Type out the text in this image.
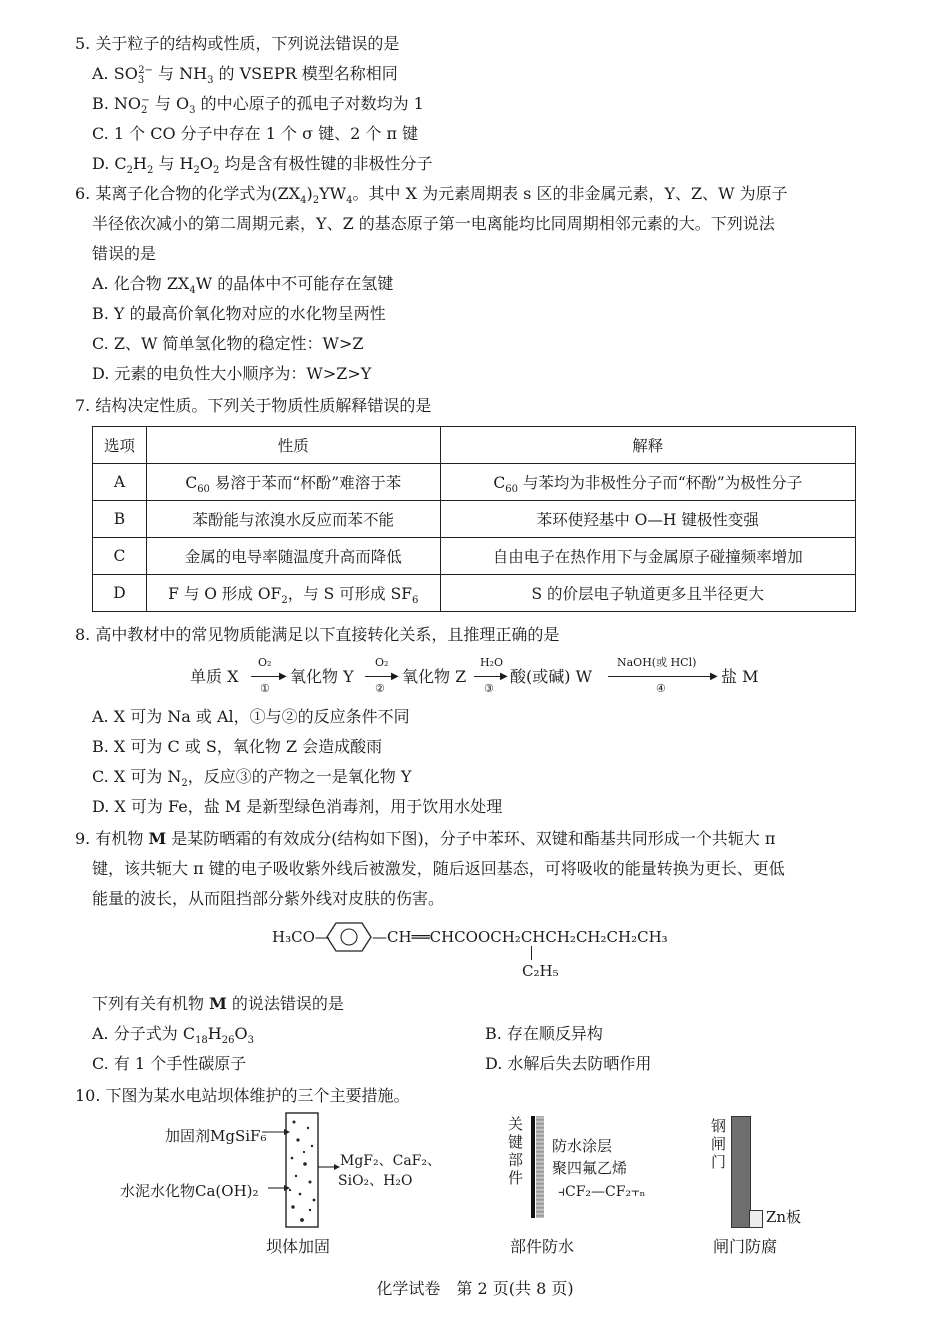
5. 关于粒子的结构或性质，下列说法错误的是
A. $SO_3^{2-}$ 与 $NH_3$ 的 VSEPR 模型名称相同
B. $NO_2^-$ 与 $O_3$ 的中心原子的孤电子对数均为 1
C. 1 个 CO 分子中存在 1 个 σ 键、2 个 π 键
D. $C_2H_2$ 与 $H_2O_2$ 均是含有极性键的非极性分子
6. 某离子化合物的化学式为$(ZX_4)_2YW_4$。其中 X 为元素周期表 s 区的非金属元素，Y、Z、W 为原子
半径依次减小的第二周期元素，Y、Z 的基态原子第一电离能均比同周期相邻元素的大。下列说法
错误的是
A. 化合物 $ZX_4W$ 的晶体中不可能存在氢键
B. Y 的最高价氧化物对应的水化物呈两性
C. Z、W 简单氢化物的稳定性：W>Z
D. 元素的电负性大小顺序为：W>Z>Y
7. 结构决定性质。下列关于物质性质解释错误的是
选项	性质	解释
A	$C_{60}$ 易溶于苯而“杯酚”难溶于苯	$C_{60}$ 与苯均为非极性分子而“杯酚”为极性分子
B	苯酚能与浓溴水反应而苯不能	苯环使羟基中 O—H 键极性变强
C	金属的电导率随温度升高而降低	自由电子在热作用下与金属原子碰撞频率增加
D	F 与 O 形成 $OF_2$，与 S 可形成 $SF_6$	S 的价层电子轨道更多且半径更大
8. 高中教材中的常见物质能满足以下直接转化关系，且推理正确的是
单质 X
O₂
▶
①
氧化物 Y
O₂
▶
②
氧化物 Z
H₂O
▶
③
酸(或碱) W
NaOH(或 HCl)
▶
④
盐 M
A. X 可为 Na 或 Al，①与②的反应条件不同
B. X 可为 C 或 S，氧化物 Z 会造成酸雨
C. X 可为 $N_2$，反应③的产物之一是氧化物 Y
D. X 可为 Fe，盐 M 是新型绿色消毒剂，用于饮用水处理
9. 有机物 M 是某防晒霜的有效成分(结构如下图)，分子中苯环、双键和酯基共同形成一个共轭大 π
键，该共轭大 π 键的电子吸收紫外线后被激发，随后返回基态，可将吸收的能量转换为更长、更低
能量的波长，从而阻挡部分紫外线对皮肤的伤害。
H₃CO—	—CH══CHCOOCH₂CHCH₂CH₂CH₂CH₃
C₂H₅
下列有关有机物 M 的说法错误的是
A. 分子式为 $C_{18}H_{26}O_3$	B. 存在顺反异构
C. 有 1 个手性碳原子	D. 水解后失去防晒作用
10. 下图为某水电站坝体维护的三个主要措施。
加固剂MgSiF₆
水泥水化物Ca(OH)₂
MgF₂、CaF₂、
SiO₂、H₂O
坝体加固
关
键
部
件
防水涂层
聚四氟乙烯
⫞CF₂—CF₂⫟ₙ
部件防水
钢
闸
门
Zn板
闸门防腐
化学试卷　第 2 页(共 8 页)
